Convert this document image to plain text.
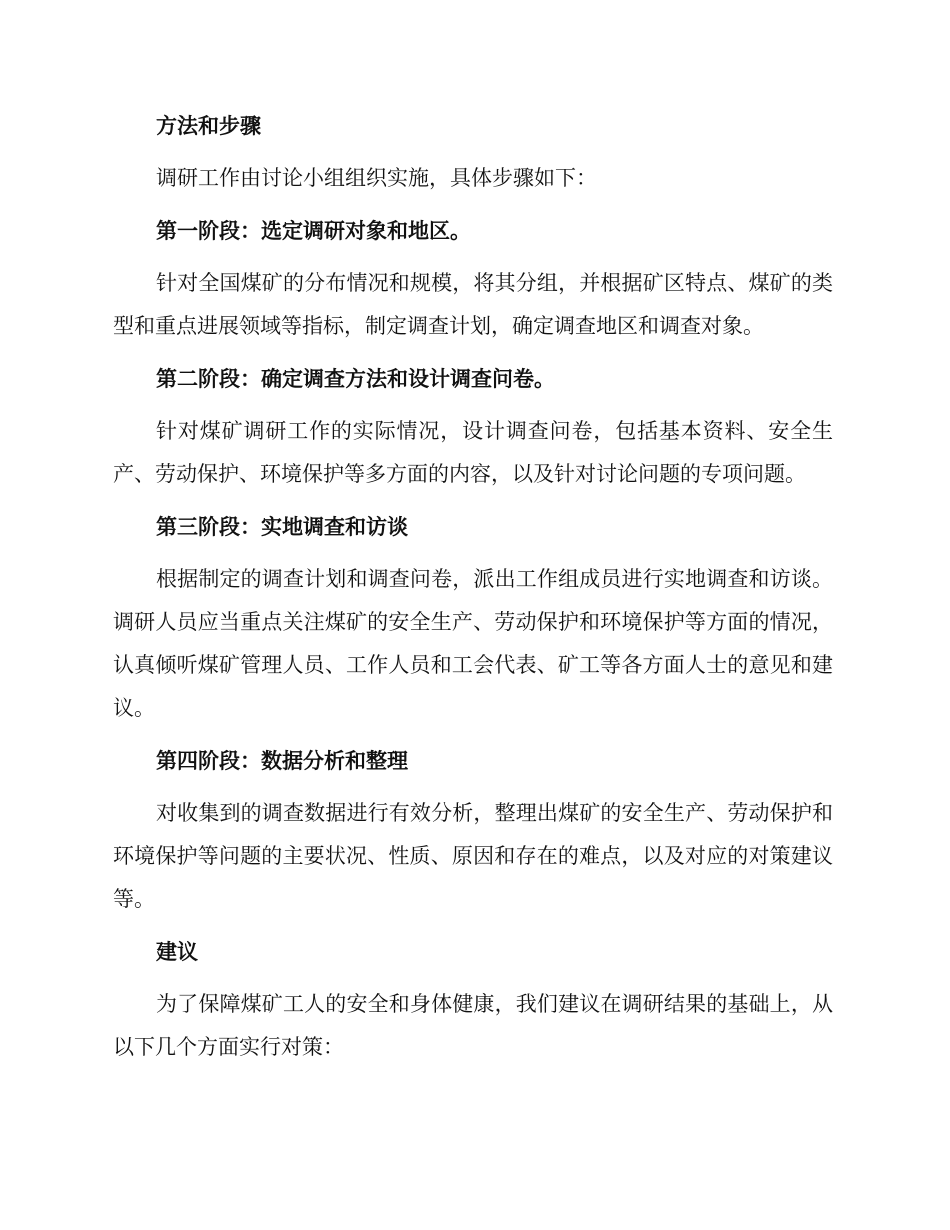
方法和步骤

调研工作由讨论小组组织实施，具体步骤如下：

第一阶段：选定调研对象和地区。

针对全国煤矿的分布情况和规模，将其分组，并根据矿区特点、煤矿的类型和重点进展领域等指标，制定调查计划，确定调查地区和调查对象。

第二阶段：确定调查方法和设计调查问卷。

针对煤矿调研工作的实际情况，设计调查问卷，包括基本资料、安全生产、劳动保护、环境保护等多方面的内容，以及针对讨论问题的专项问题。

第三阶段：实地调查和访谈

根据制定的调查计划和调查问卷，派出工作组成员进行实地调查和访谈。调研人员应当重点关注煤矿的安全生产、劳动保护和环境保护等方面的情况，认真倾听煤矿管理人员、工作人员和工会代表、矿工等各方面人士的意见和建议。

第四阶段：数据分析和整理

对收集到的调查数据进行有效分析，整理出煤矿的安全生产、劳动保护和环境保护等问题的主要状况、性质、原因和存在的难点，以及对应的对策建议等。

建议

为了保障煤矿工人的安全和身体健康，我们建议在调研结果的基础上，从以下几个方面实行对策：
